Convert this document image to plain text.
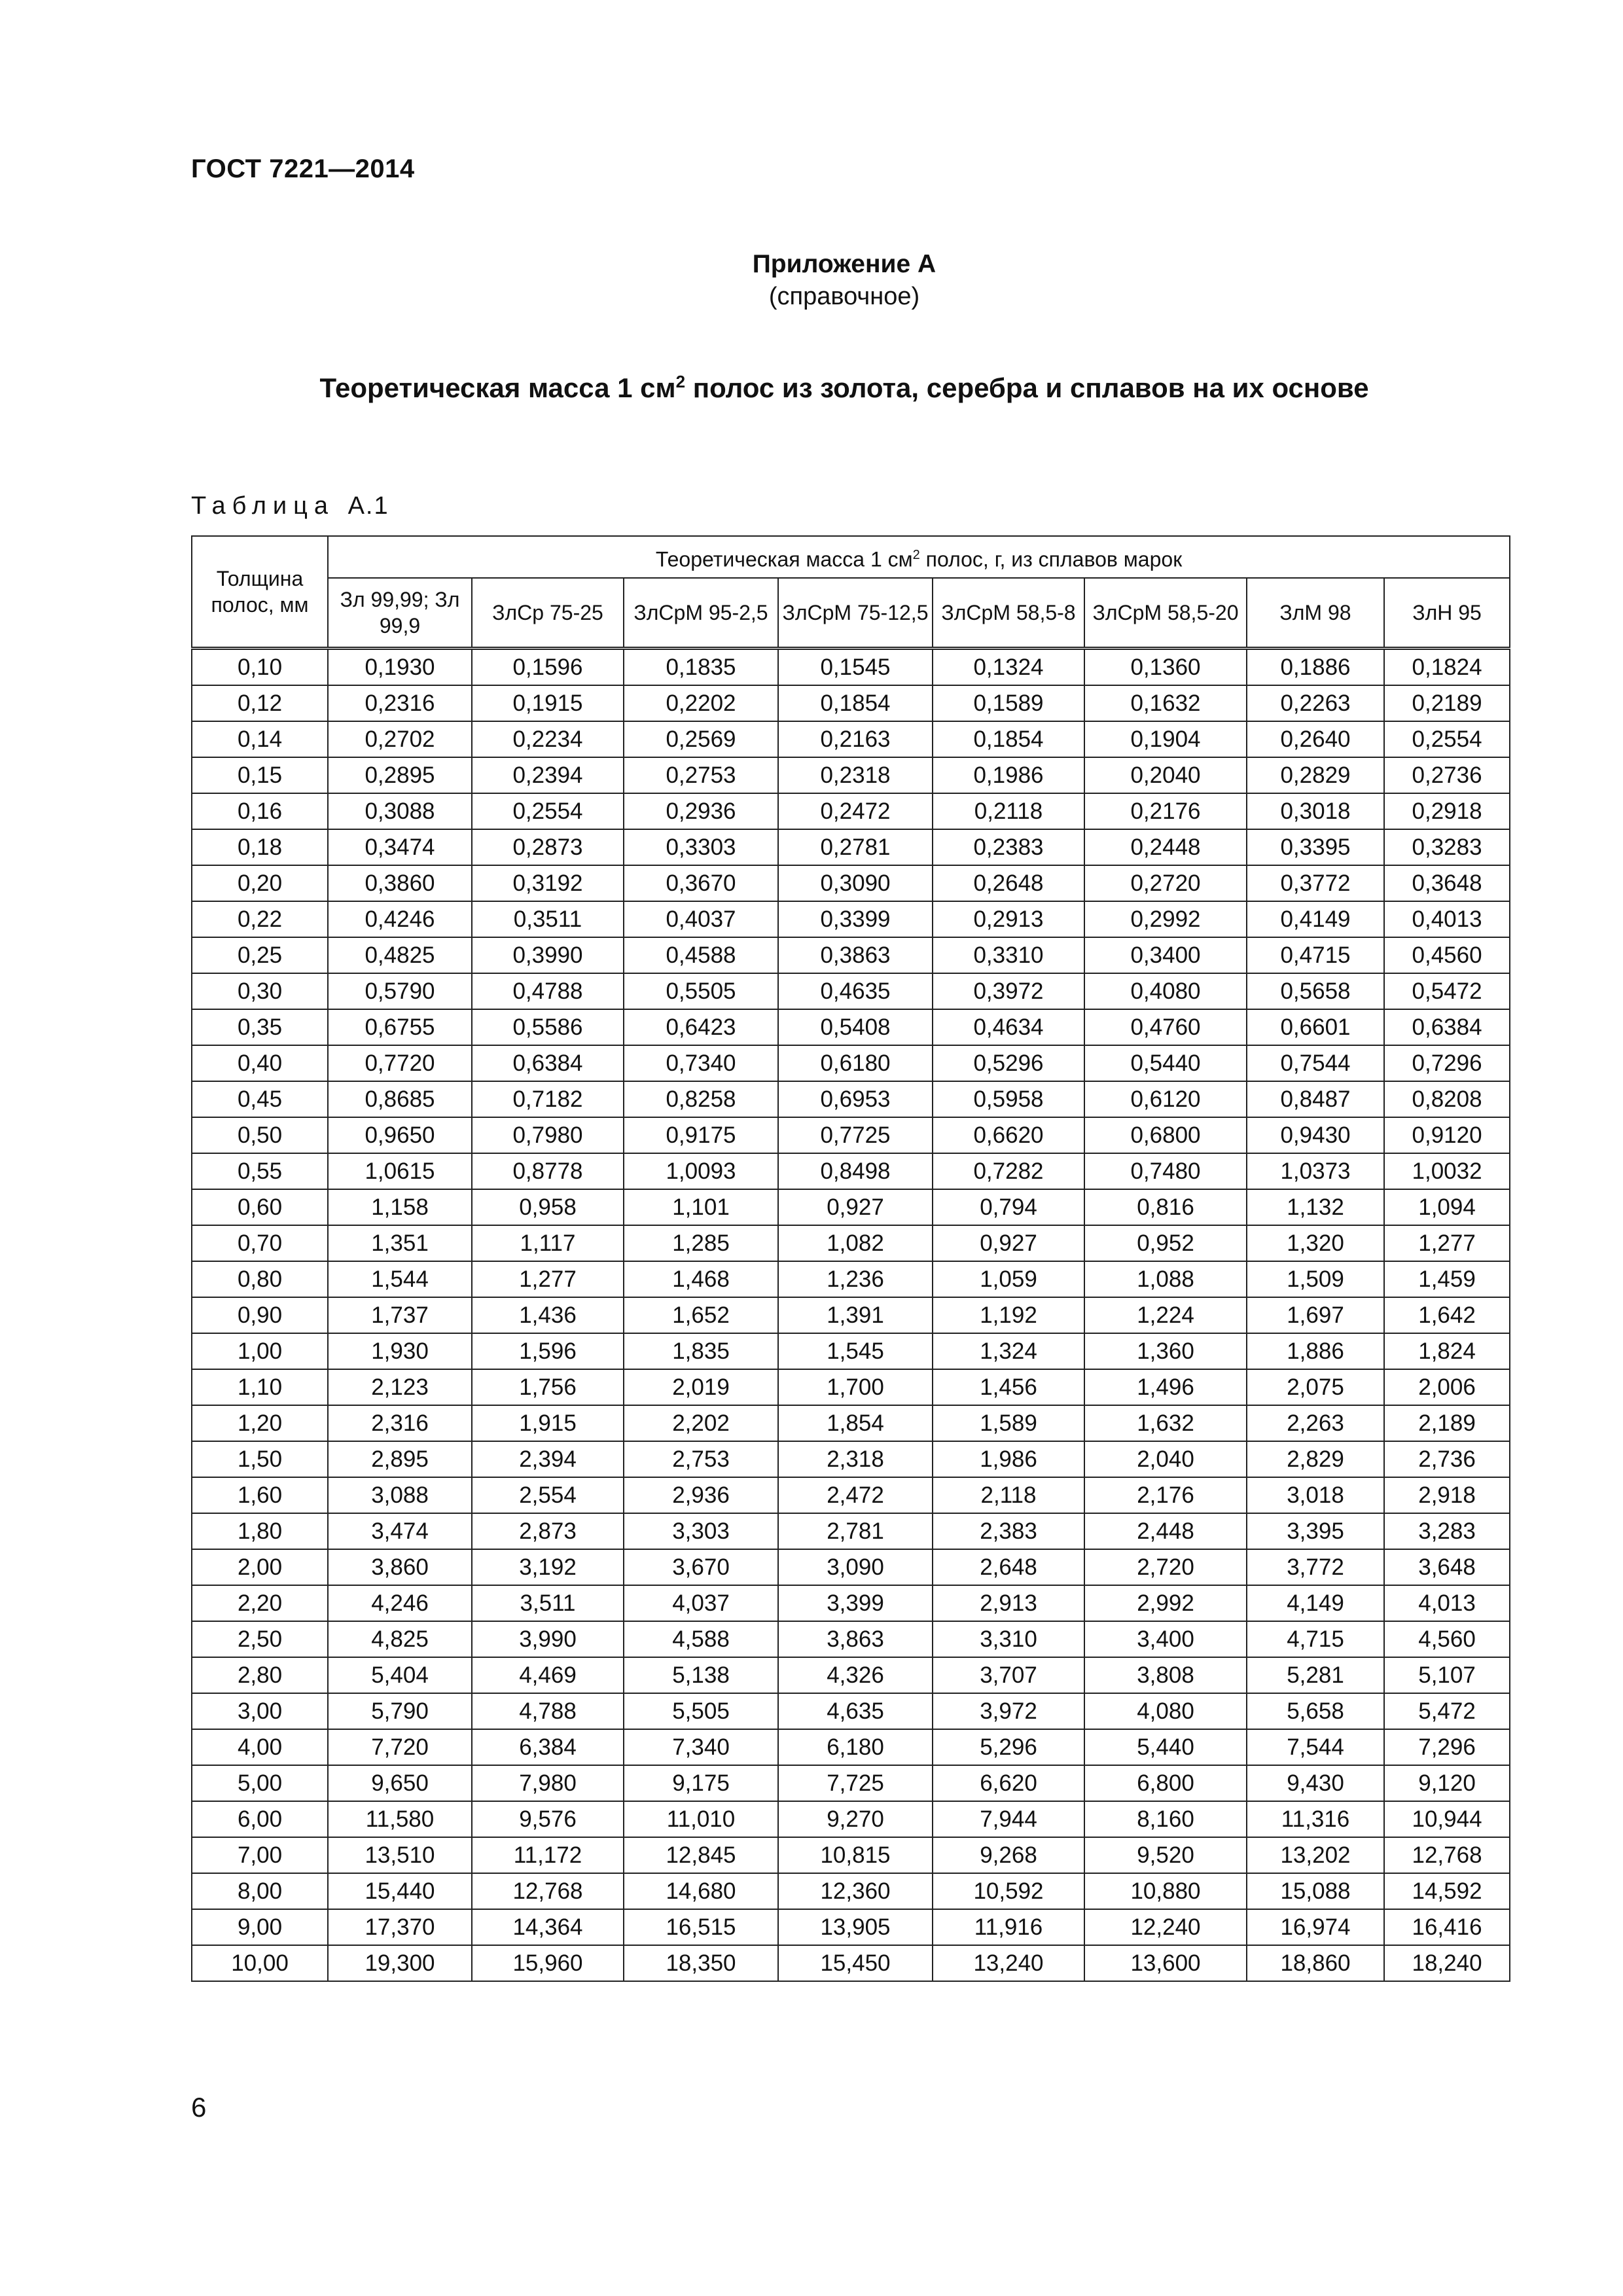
ГОСТ 7221—2014
Приложение А
(справочное)
Теоретическая масса 1 $см^2$ полос из золота, серебра и сплавов на их основе
Таблица А.1
Толщина полос, мм	Теоретическая масса 1 $см^2$ полос, г, из сплавов марок							
	Зл 99,99; Зл 99,9	ЗлСр 75-25	ЗлСрМ 95-2,5	ЗлСрМ 75-12,5	ЗлСрМ 58,5-8	ЗлСрМ 58,5-20	ЗлМ 98	ЗлН 95
0,10	0,1930	0,1596	0,1835	0,1545	0,1324	0,1360	0,1886	0,1824
0,12	0,2316	0,1915	0,2202	0,1854	0,1589	0,1632	0,2263	0,2189
0,14	0,2702	0,2234	0,2569	0,2163	0,1854	0,1904	0,2640	0,2554
0,15	0,2895	0,2394	0,2753	0,2318	0,1986	0,2040	0,2829	0,2736
0,16	0,3088	0,2554	0,2936	0,2472	0,2118	0,2176	0,3018	0,2918
0,18	0,3474	0,2873	0,3303	0,2781	0,2383	0,2448	0,3395	0,3283
0,20	0,3860	0,3192	0,3670	0,3090	0,2648	0,2720	0,3772	0,3648
0,22	0,4246	0,3511	0,4037	0,3399	0,2913	0,2992	0,4149	0,4013
0,25	0,4825	0,3990	0,4588	0,3863	0,3310	0,3400	0,4715	0,4560
0,30	0,5790	0,4788	0,5505	0,4635	0,3972	0,4080	0,5658	0,5472
0,35	0,6755	0,5586	0,6423	0,5408	0,4634	0,4760	0,6601	0,6384
0,40	0,7720	0,6384	0,7340	0,6180	0,5296	0,5440	0,7544	0,7296
0,45	0,8685	0,7182	0,8258	0,6953	0,5958	0,6120	0,8487	0,8208
0,50	0,9650	0,7980	0,9175	0,7725	0,6620	0,6800	0,9430	0,9120
0,55	1,0615	0,8778	1,0093	0,8498	0,7282	0,7480	1,0373	1,0032
0,60	1,158	0,958	1,101	0,927	0,794	0,816	1,132	1,094
0,70	1,351	1,117	1,285	1,082	0,927	0,952	1,320	1,277
0,80	1,544	1,277	1,468	1,236	1,059	1,088	1,509	1,459
0,90	1,737	1,436	1,652	1,391	1,192	1,224	1,697	1,642
1,00	1,930	1,596	1,835	1,545	1,324	1,360	1,886	1,824
1,10	2,123	1,756	2,019	1,700	1,456	1,496	2,075	2,006
1,20	2,316	1,915	2,202	1,854	1,589	1,632	2,263	2,189
1,50	2,895	2,394	2,753	2,318	1,986	2,040	2,829	2,736
1,60	3,088	2,554	2,936	2,472	2,118	2,176	3,018	2,918
1,80	3,474	2,873	3,303	2,781	2,383	2,448	3,395	3,283
2,00	3,860	3,192	3,670	3,090	2,648	2,720	3,772	3,648
2,20	4,246	3,511	4,037	3,399	2,913	2,992	4,149	4,013
2,50	4,825	3,990	4,588	3,863	3,310	3,400	4,715	4,560
2,80	5,404	4,469	5,138	4,326	3,707	3,808	5,281	5,107
3,00	5,790	4,788	5,505	4,635	3,972	4,080	5,658	5,472
4,00	7,720	6,384	7,340	6,180	5,296	5,440	7,544	7,296
5,00	9,650	7,980	9,175	7,725	6,620	6,800	9,430	9,120
6,00	11,580	9,576	11,010	9,270	7,944	8,160	11,316	10,944
7,00	13,510	11,172	12,845	10,815	9,268	9,520	13,202	12,768
8,00	15,440	12,768	14,680	12,360	10,592	10,880	15,088	14,592
9,00	17,370	14,364	16,515	13,905	11,916	12,240	16,974	16,416
10,00	19,300	15,960	18,350	15,450	13,240	13,600	18,860	18,240
6
